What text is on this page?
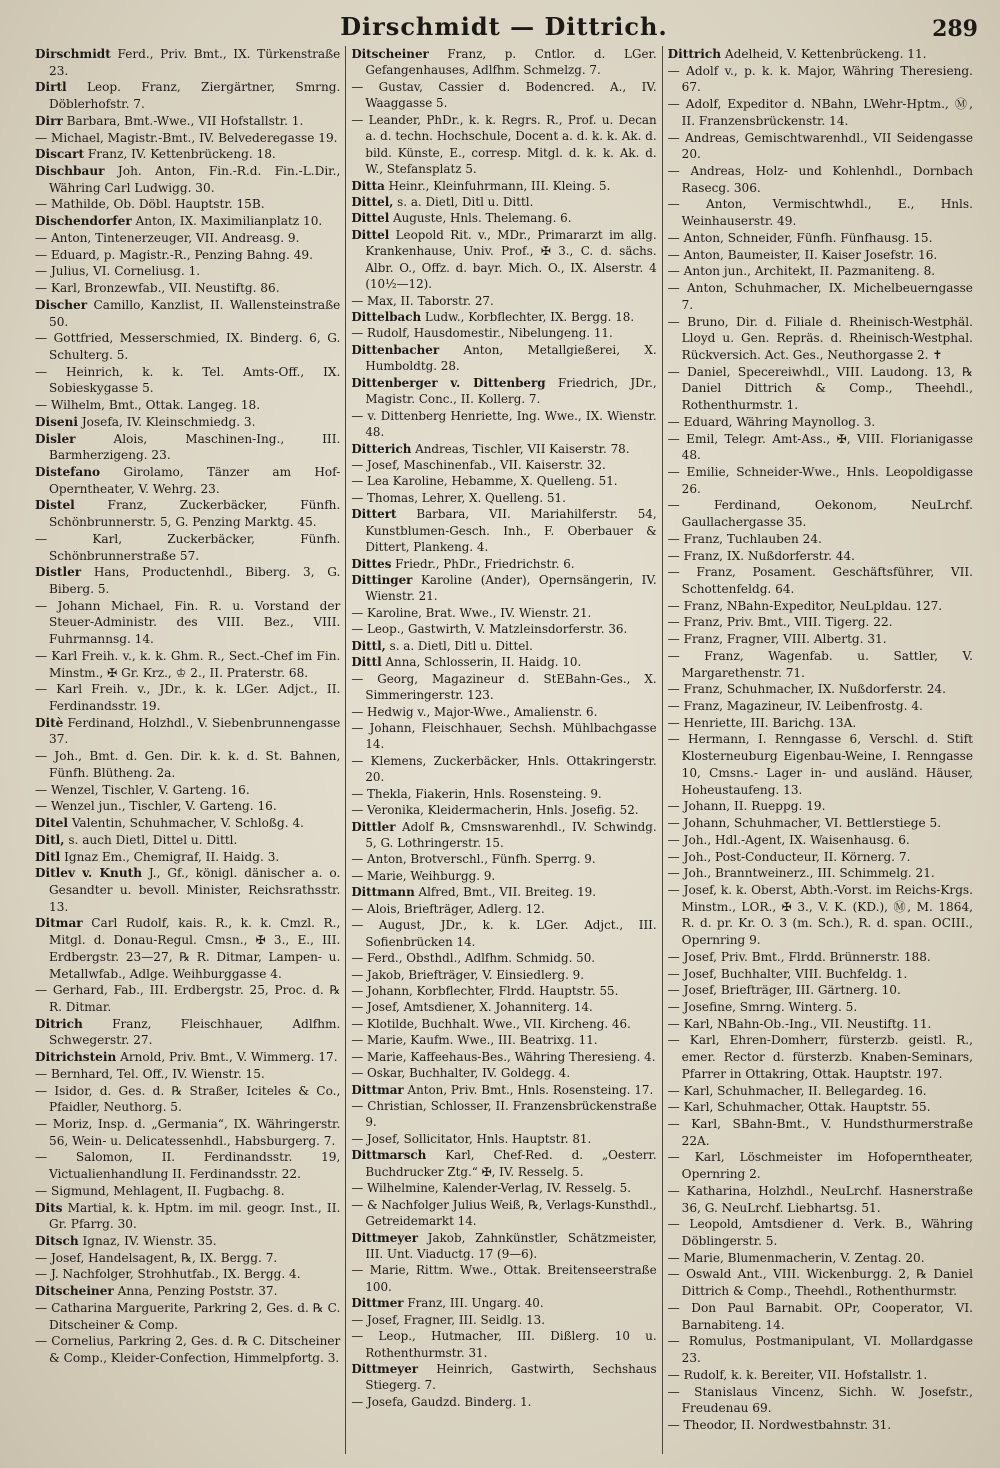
Dirschmidt — Dittrich.	289

Dirschmidt Ferd., Priv. Bmt., IX. Türkenstraße 23.

Dirtl Leop. Franz, Ziergärtner, Smrng. Döblerhofstr. 7.

Dirr Barbara, Bmt.-Wwe., VII Hofstallstr. 1.

— Michael, Magistr.-Bmt., IV. Belvederegasse 19.

Discart Franz, IV. Kettenbrückeng. 18.

Dischbaur Joh. Anton, Fin.-R.d. Fin.-L.Dir., Währing Carl Ludwigg. 30.

— Mathilde, Ob. Döbl. Hauptstr. 15B.

Dischendorfer Anton, IX. Maximilianplatz 10.

— Anton, Tintenerzeuger, VII. Andreasg. 9.

— Eduard, p. Magistr.-R., Penzing Bahng. 49.

— Julius, VI. Corneliusg. 1.

— Karl, Bronzewfab., VII. Neustiftg. 86.

Discher Camillo, Kanzlist, II. Wallensteinstraße 50.

— Gottfried, Messerschmied, IX. Binderg. 6, G. Schulterg. 5.

— Heinrich, k. k. Tel. Amts-Off., IX. Sobieskygasse 5.

— Wilhelm, Bmt., Ottak. Langeg. 18.

Diseni Josefa, IV. Kleinschmiedg. 3.

Disler Alois, Maschinen-Ing., III. Barmherzigeng. 23.

Distefano Girolamo, Tänzer am Hof-Operntheater, V. Wehrg. 23.

Distel Franz, Zuckerbäcker, Fünfh. Schönbrunnerstr. 5, G. Penzing Marktg. 45.

— Karl, Zuckerbäcker, Fünfh. Schönbrunnerstraße 57.

Distler Hans, Productenhdl., Biberg. 3, G. Biberg. 5.

— Johann Michael, Fin. R. u. Vorstand der Steuer-Administr. des VIII. Bez., VIII. Fuhrmannsg. 14.

— Karl Freih. v., k. k. Ghm. R., Sect.-Chef im Fin. Minstm., ✠ Gr. Krz., ♔ 2., II. Praterstr. 68.

— Karl Freih. v., JDr., k. k. LGer. Adjct., II. Ferdinandsstr. 19.

Ditè Ferdinand, Holzhdl., V. Siebenbrunnengasse 37.

— Joh., Bmt. d. Gen. Dir. k. k. d. St. Bahnen, Fünfh. Blütheng. 2a.

— Wenzel, Tischler, V. Garteng. 16.

— Wenzel jun., Tischler, V. Garteng. 16.

Ditel Valentin, Schuhmacher, V. Schloßg. 4.

Ditl, s. auch Dietl, Dittel u. Dittl.

Ditl Ignaz Em., Chemigraf, II. Haidg. 3.

Ditlev v. Knuth J., Gf., königl. dänischer a. o. Gesandter u. bevoll. Minister, Reichsrathsstr. 13.

Ditmar Carl Rudolf, kais. R., k. k. Cmzl. R., Mitgl. d. Donau-Regul. Cmsn., ✠ 3., E., III. Erdbergstr. 23—27, ℞ R. Ditmar, Lampen- u. Metallwfab., Adlge. Weihburggasse 4.

— Gerhard, Fab., III. Erdbergstr. 25, Proc. d. ℞ R. Ditmar.

Ditrich Franz, Fleischhauer, Adlfhm. Schwegerstr. 27.

Ditrichstein Arnold, Priv. Bmt., V. Wimmerg. 17.

— Bernhard, Tel. Off., IV. Wienstr. 15.

— Isidor, d. Ges. d. ℞ Straßer, Iciteles & Co., Pfaidler, Neuthorg. 5.

— Moriz, Insp. d. „Germania“, IX. Währingerstr. 56, Wein- u. Delicatessenhdl., Habsburgerg. 7.

— Salomon, II. Ferdinandsstr. 19, Victualienhandlung II. Ferdinandsstr. 22.

— Sigmund, Mehlagent, II. Fugbachg. 8.

Dits Martial, k. k. Hptm. im mil. geogr. Inst., II. Gr. Pfarrg. 30.

Ditsch Ignaz, IV. Wienstr. 35.

— Josef, Handelsagent, ℞, IX. Bergg. 7.

— J. Nachfolger, Strohhutfab., IX. Bergg. 4.

Ditscheiner Anna, Penzing Poststr. 37.

— Catharina Marguerite, Parkring 2, Ges. d. ℞ C. Ditscheiner & Comp.

— Cornelius, Parkring 2, Ges. d. ℞ C. Ditscheiner & Comp., Kleider-Confection, Himmelpfortg. 3.

Ditscheiner Franz, p. Cntlor. d. LGer. Gefangenhauses, Adlfhm. Schmelzg. 7.

— Gustav, Cassier d. Bodencred. A., IV. Waaggasse 5.

— Leander, PhDr., k. k. Regrs. R., Prof. u. Decan a. d. techn. Hochschule, Docent a. d. k. k. Ak. d. bild. Künste, E., corresp. Mitgl. d. k. k. Ak. d. W., Stefansplatz 5.

Ditta Heinr., Kleinfuhrmann, III. Kleing. 5.

Dittel, s. a. Dietl, Ditl u. Dittl.

Dittel Auguste, Hnls. Thelemang. 6.

Dittel Leopold Rit. v., MDr., Primararzt im allg. Krankenhause, Univ. Prof., ✠ 3., C. d. sächs. Albr. O., Offz. d. bayr. Mich. O., IX. Alserstr. 4 (10½—12).

— Max, II. Taborstr. 27.

Dittelbach Ludw., Korbflechter, IX. Bergg. 18.

— Rudolf, Hausdomestir., Nibelungeng. 11.

Dittenbacher Anton, Metallgießerei, X. Humboldtg. 28.

Dittenberger v. Dittenberg Friedrich, JDr., Magistr. Conc., II. Kollerg. 7.

— v. Dittenberg Henriette, Ing. Wwe., IX. Wienstr. 48.

Ditterich Andreas, Tischler, VII Kaiserstr. 78.

— Josef, Maschinenfab., VII. Kaiserstr. 32.

— Lea Karoline, Hebamme, X. Quelleng. 51.

— Thomas, Lehrer, X. Quelleng. 51.

Dittert Barbara, VII. Mariahilferstr. 54, Kunstblumen-Gesch. Inh., F. Oberbauer & Dittert, Plankeng. 4.

Dittes Friedr., PhDr., Friedrichstr. 6.

Dittinger Karoline (Ander), Opernsängerin, IV. Wienstr. 21.

— Karoline, Brat. Wwe., IV. Wienstr. 21.

— Leop., Gastwirth, V. Matzleinsdorferstr. 36.

Dittl, s. a. Dietl, Ditl u. Dittel.

Dittl Anna, Schlosserin, II. Haidg. 10.

— Georg, Magazineur d. StEBahn-Ges., X. Simmeringerstr. 123.

— Hedwig v., Major-Wwe., Amalienstr. 6.

— Johann, Fleischhauer, Sechsh. Mühlbachgasse 14.

— Klemens, Zuckerbäcker, Hnls. Ottakringerstr. 20.

— Thekla, Fiakerin, Hnls. Rosensteing. 9.

— Veronika, Kleidermacherin, Hnls. Josefig. 52.

Dittler Adolf ℞, Cmsnswarenhdl., IV. Schwindg. 5, G. Lothringerstr. 15.

— Anton, Brotverschl., Fünfh. Sperrg. 9.

— Marie, Weihburgg. 9.

Dittmann Alfred, Bmt., VII. Breiteg. 19.

— Alois, Briefträger, Adlerg. 12.

— August, JDr., k. k. LGer. Adjct., III. Sofienbrücken 14.

— Ferd., Obsthdl., Adlfhm. Schmidg. 50.

— Jakob, Briefträger, V. Einsiedlerg. 9.

— Johann, Korbflechter, Flrdd. Hauptstr. 55.

— Josef, Amtsdiener, X. Johanniterg. 14.

— Klotilde, Buchhalt. Wwe., VII. Kircheng. 46.

— Marie, Kaufm. Wwe., III. Beatrixg. 11.

— Marie, Kaffeehaus-Bes., Währing Theresieng. 4.

— Oskar, Buchhalter, IV. Goldegg. 4.

Dittmar Anton, Priv. Bmt., Hnls. Rosensteing. 17.

— Christian, Schlosser, II. Franzensbrückenstraße 9.

— Josef, Sollicitator, Hnls. Hauptstr. 81.

Dittmarsch Karl, Chef-Red. d. „Oesterr. Buchdrucker Ztg.“ ✠, IV. Resselg. 5.

— Wilhelmine, Kalender-Verlag, IV. Resselg. 5.

— & Nachfolger Julius Weiß, ℞, Verlags-Kunsthdl., Getreidemarkt 14.

Dittmeyer Jakob, Zahnkünstler, Schätzmeister, III. Unt. Viaductg. 17 (9—6).

— Marie, Rittm. Wwe., Ottak. Breitenseerstraße 100.

Dittmer Franz, III. Ungarg. 40.

— Josef, Fragner, III. Seidlg. 13.

— Leop., Hutmacher, III. Dißlerg. 10 u. Rothenthurmstr. 31.

Dittmeyer Heinrich, Gastwirth, Sechshaus Stiegerg. 7.

— Josefa, Gaudzd. Binderg. 1.

Dittrich Adelheid, V. Kettenbrückeng. 11.

— Adolf v., p. k. k. Major, Währing Theresieng. 67.

— Adolf, Expeditor d. NBahn, LWehr-Hptm., Ⓜ, II. Franzensbrückenstr. 14.

— Andreas, Gemischtwarenhdl., VII Seidengasse 20.

— Andreas, Holz- und Kohlenhdl., Dornbach Rasecg. 306.

— Anton, Vermischtwhdl., E., Hnls. Weinhauserstr. 49.

— Anton, Schneider, Fünfh. Fünfhausg. 15.

— Anton, Baumeister, II. Kaiser Josefstr. 16.

— Anton jun., Architekt, II. Pazmaniteng. 8.

— Anton, Schuhmacher, IX. Michelbeuerngasse 7.

— Bruno, Dir. d. Filiale d. Rheinisch-Westphäl. Lloyd u. Gen. Repräs. d. Rheinisch-Westphal. Rückversich. Act. Ges., Neuthorgasse 2. ✝

— Daniel, Specereiwhdl., VIII. Laudong. 13, ℞ Daniel Dittrich & Comp., Theehdl., Rothenthurmstr. 1.

— Eduard, Währing Maynollog. 3.

— Emil, Telegr. Amt-Ass., ✠, VIII. Florianigasse 48.

— Emilie, Schneider-Wwe., Hnls. Leopoldigasse 26.

— Ferdinand, Oekonom, NeuLrchf. Gaullachergasse 35.

— Franz, Tuchlauben 24.

— Franz, IX. Nußdorferstr. 44.

— Franz, Posament. Geschäftsführer, VII. Schottenfeldg. 64.

— Franz, NBahn-Expeditor, NeuLpldau. 127.

— Franz, Priv. Bmt., VIII. Tigerg. 22.

— Franz, Fragner, VIII. Albertg. 31.

— Franz, Wagenfab. u. Sattler, V. Margarethenstr. 71.

— Franz, Schuhmacher, IX. Nußdorferstr. 24.

— Franz, Magazineur, IV. Leibenfrostg. 4.

— Henriette, III. Barichg. 13A.

— Hermann, I. Renngasse 6, Verschl. d. Stift Klosterneuburg Eigenbau-Weine, I. Renngasse 10, Cmsns.- Lager in- und ausländ. Häuser, Hoheustaufeng. 13.

— Johann, II. Rueppg. 19.

— Johann, Schuhmacher, VI. Bettlerstiege 5.

— Joh., Hdl.-Agent, IX. Waisenhausg. 6.

— Joh., Post-Conducteur, II. Körnerg. 7.

— Joh., Branntweinerz., III. Schimmelg. 21.

— Josef, k. k. Oberst, Abth.-Vorst. im Reichs-Krgs. Minstm., LOR., ✠ 3., V. K. (KD.), Ⓜ, M. 1864, R. d. pr. Kr. O. 3 (m. Sch.), R. d. span. OCIII., Opernring 9.

— Josef, Priv. Bmt., Flrdd. Brünnerstr. 188.

— Josef, Buchhalter, VIII. Buchfeldg. 1.

— Josef, Briefträger, III. Gärtnerg. 10.

— Josefine, Smrng. Winterg. 5.

— Karl, NBahn-Ob.-Ing., VII. Neustiftg. 11.

— Karl, Ehren-Domherr, fürsterzb. geistl. R., emer. Rector d. fürsterzb. Knaben-Seminars, Pfarrer in Ottakring, Ottak. Hauptstr. 197.

— Karl, Schuhmacher, II. Bellegardeg. 16.

— Karl, Schuhmacher, Ottak. Hauptstr. 55.

— Karl, SBahn-Bmt., V. Hundsthurmerstraße 22A.

— Karl, Löschmeister im Hofoperntheater, Opernring 2.

— Katharina, Holzhdl., NeuLrchf. Hasnerstraße 36, G. NeuLrchf. Liebhartsg. 51.

— Leopold, Amtsdiener d. Verk. B., Währing Döblingerstr. 5.

— Marie, Blumenmacherin, V. Zentag. 20.

— Oswald Ant., VIII. Wickenburgg. 2, ℞ Daniel Dittrich & Comp., Theehdl., Rothenthurmstr.

— Don Paul Barnabit. OPr, Cooperator, VI. Barnabiteng. 14.

— Romulus, Postmanipulant, VI. Mollardgasse 23.

— Rudolf, k. k. Bereiter, VII. Hofstallstr. 1.

— Stanislaus Vincenz, Sichh. W. Josefstr., Freudenau 69.

— Theodor, II. Nordwestbahnstr. 31.
